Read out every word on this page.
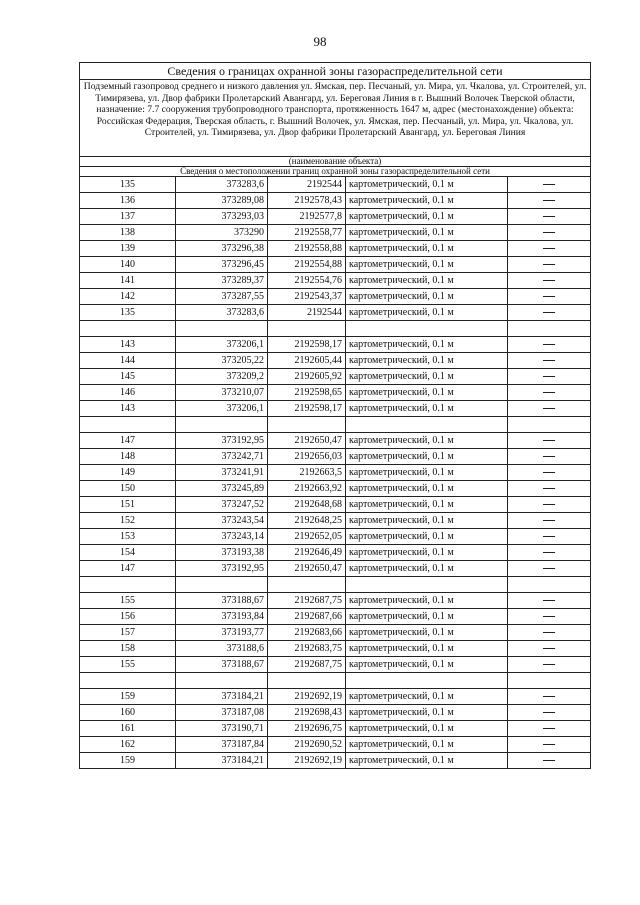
98
Сведения о границах охранной зоны газораспределительной сети				
Подземный газопровод среднего и низкого давления ул. Ямская, пер. Песчаный, ул. Мира, ул. Чкалова, ул. Строителей, ул. Тимирязева, ул. Двор фабрики Пролетарский Авангард, ул. Береговая Линия в г. Вышний Волочек Тверской области, назначение: 7.7 сооружения трубопроводного транспорта, протяженность 1647 м, адрес (местонахождение) объекта: Российская Федерация, Тверская область, г. Вышний Волочек, ул. Ямская, пер. Песчаный, ул. Мира, ул. Чкалова, ул. Строителей, ул. Тимирязева, ул. Двор фабрики Пролетарский Авангард, ул. Береговая Линия				
(наименование объекта)				
Сведения о местоположении границ охранной зоны газораспределительной сети				
135	373283,6	2192544	картометрический, 0.1 м	
136	373289,08	2192578,43	картометрический, 0.1 м	
137	373293,03	2192577,8	картометрический, 0.1 м	
138	373290	2192558,77	картометрический, 0.1 м	
139	373296,38	2192558,88	картометрический, 0.1 м	
140	373296,45	2192554,88	картометрический, 0.1 м	
141	373289,37	2192554,76	картометрический, 0.1 м	
142	373287,55	2192543,37	картометрический, 0.1 м	
135	373283,6	2192544	картометрический, 0.1 м	

143	373206,1	2192598,17	картометрический, 0.1 м	
144	373205,22	2192605,44	картометрический, 0.1 м	
145	373209,2	2192605,92	картометрический, 0.1 м	
146	373210,07	2192598,65	картометрический, 0.1 м	
143	373206,1	2192598,17	картометрический, 0.1 м	

147	373192,95	2192650,47	картометрический, 0.1 м	
148	373242,71	2192656,03	картометрический, 0.1 м	
149	373241,91	2192663,5	картометрический, 0.1 м	
150	373245,89	2192663,92	картометрический, 0.1 м	
151	373247,52	2192648,68	картометрический, 0.1 м	
152	373243,54	2192648,25	картометрический, 0.1 м	
153	373243,14	2192652,05	картометрический, 0.1 м	
154	373193,38	2192646,49	картометрический, 0.1 м	
147	373192,95	2192650,47	картометрический, 0.1 м	

155	373188,67	2192687,75	картометрический, 0.1 м	
156	373193,84	2192687,66	картометрический, 0.1 м	
157	373193,77	2192683,66	картометрический, 0.1 м	
158	373188,6	2192683,75	картометрический, 0.1 м	
155	373188,67	2192687,75	картометрический, 0.1 м	

159	373184,21	2192692,19	картометрический, 0.1 м	
160	373187,08	2192698,43	картометрический, 0.1 м	
161	373190,71	2192696,75	картометрический, 0.1 м	
162	373187,84	2192690,52	картометрический, 0.1 м	
159	373184,21	2192692,19	картометрический, 0.1 м	
